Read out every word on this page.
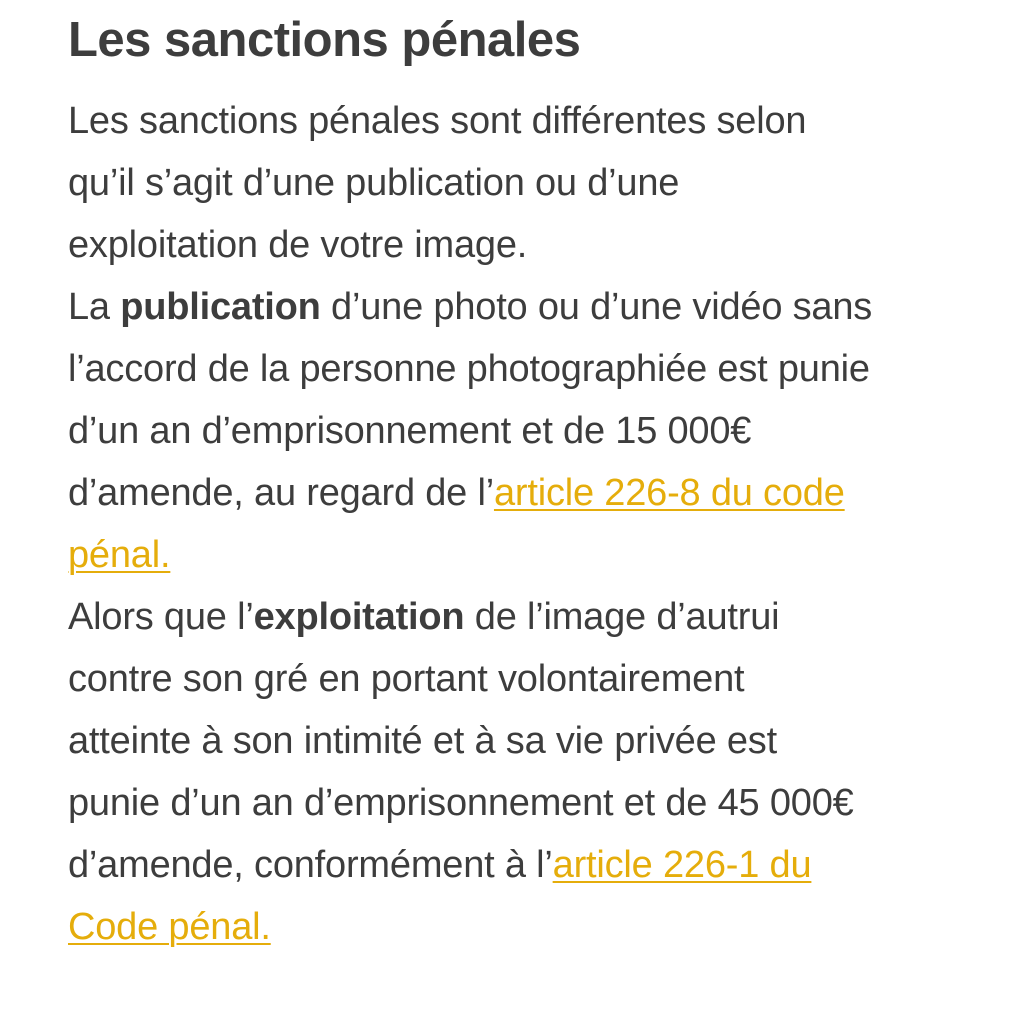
Les sanctions pénales
Les sanctions pénales sont différentes selon
qu’il s’agit d’une publication ou d’une
exploitation de votre image.
La publication d’une photo ou d’une vidéo sans
l’accord de la personne photographiée est punie
d’un an d’emprisonnement et de 15 000€
d’amende, au regard de l’article 226-8 du code
pénal.
Alors que l’exploitation de l’image d’autrui
contre son gré en portant volontairement
atteinte à son intimité et à sa vie privée est
punie d’un an d’emprisonnement et de 45 000€
d’amende, conformément à l’article 226-1 du
Code pénal.
